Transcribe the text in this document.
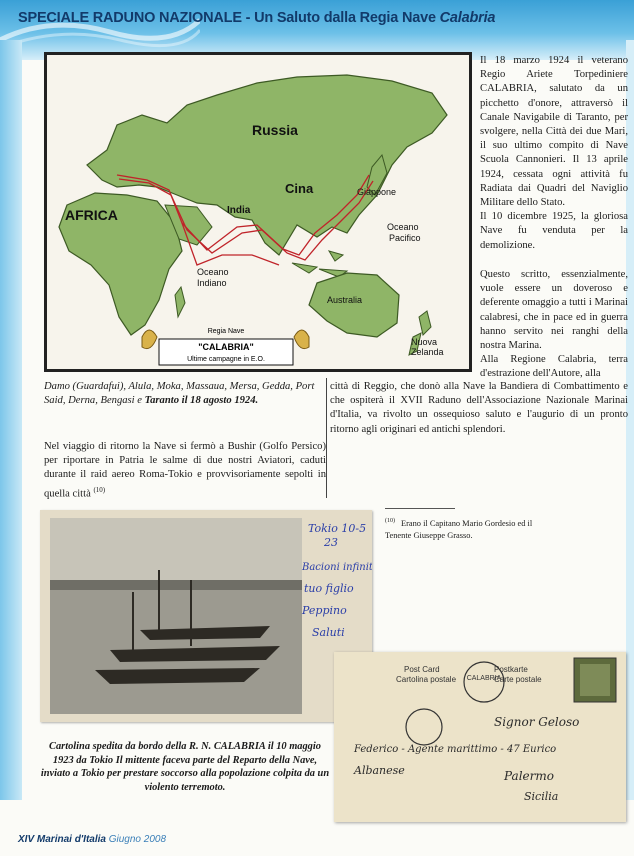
SPECIALE RADUNO NAZIONALE - Un Saluto dalla Regia Nave Calabria
Russia
AFRICA
Cina
India
Giappone
Oceano
Pacifico
Oceano
Indiano
Australia
Nuova
Zelanda
Regia Nave
"CALABRIA"
Ultime campagne in E.O.

Il 18 marzo 1924 il veterano Regio Ariete Torpediniere CALABRIA, salutato da un picchetto d'onore, attraversò il Canale Navigabile di Taranto, per svolgere, nella Città dei due Mari, il suo ultimo compito di Nave Scuola Cannonieri. Il 13 aprile 1924, cessata ogni attività fu Radiata dai Quadri del Naviglio Militare dello Stato.

Il 10 dicembre 1925, la gloriosa Nave fu venduta per la demolizione.

Questo scritto, essenzialmente, vuole essere un doveroso e deferente omaggio a tutti i Marinai calabresi, che in pace ed in guerra hanno servito nei ranghi della nostra Marina.

Alla Regione Calabria, terra d'estrazione dell'Autore, alla

città di Reggio, che donò alla Nave la Bandiera di Combattimento e che ospiterà il XVII Raduno dell'Associazione Nazionale Marinai d'Italia, va rivolto un ossequioso saluto e l'augurio di un pronto ritorno agli originari ed antichi splendori.
Damo (Guardafui), Alula, Moka, Massaua, Mersa, Gedda, Port Said, Derna, Bengasi e Taranto il 18 agosto 1924.
Nel viaggio di ritorno la Nave si fermò a Bushir (Golfo Persico) per riportare in Patria le salme di due nostri Aviatori, caduti durante il raid aereo Roma-Tokio e provvisoriamente sepolti in quella città $^{(10)}$
$^{(10)}$ Erano il Capitano Mario Gordesio ed il Tenente Giuseppe Grasso.
Tokio 10-5
23
Bacioni infiniti
tuo figlio
Peppino
Saluti
Post Card
Cartolina postale
Postkarte
Carte postale
CALABRIA
Signor Geloso
Federico - Agente marittimo - 47 Eurico
Albanese	Palermo
Sicilia
Cartolina spedita da bordo della R. N. CALABRIA il 10 maggio 1923 da Tokio Il mittente faceva parte del Reparto della Nave, inviato a Tokio per prestare soccorso alla popolazione colpita da un violento terremoto.
XIV Marinai d'Italia Giugno 2008
